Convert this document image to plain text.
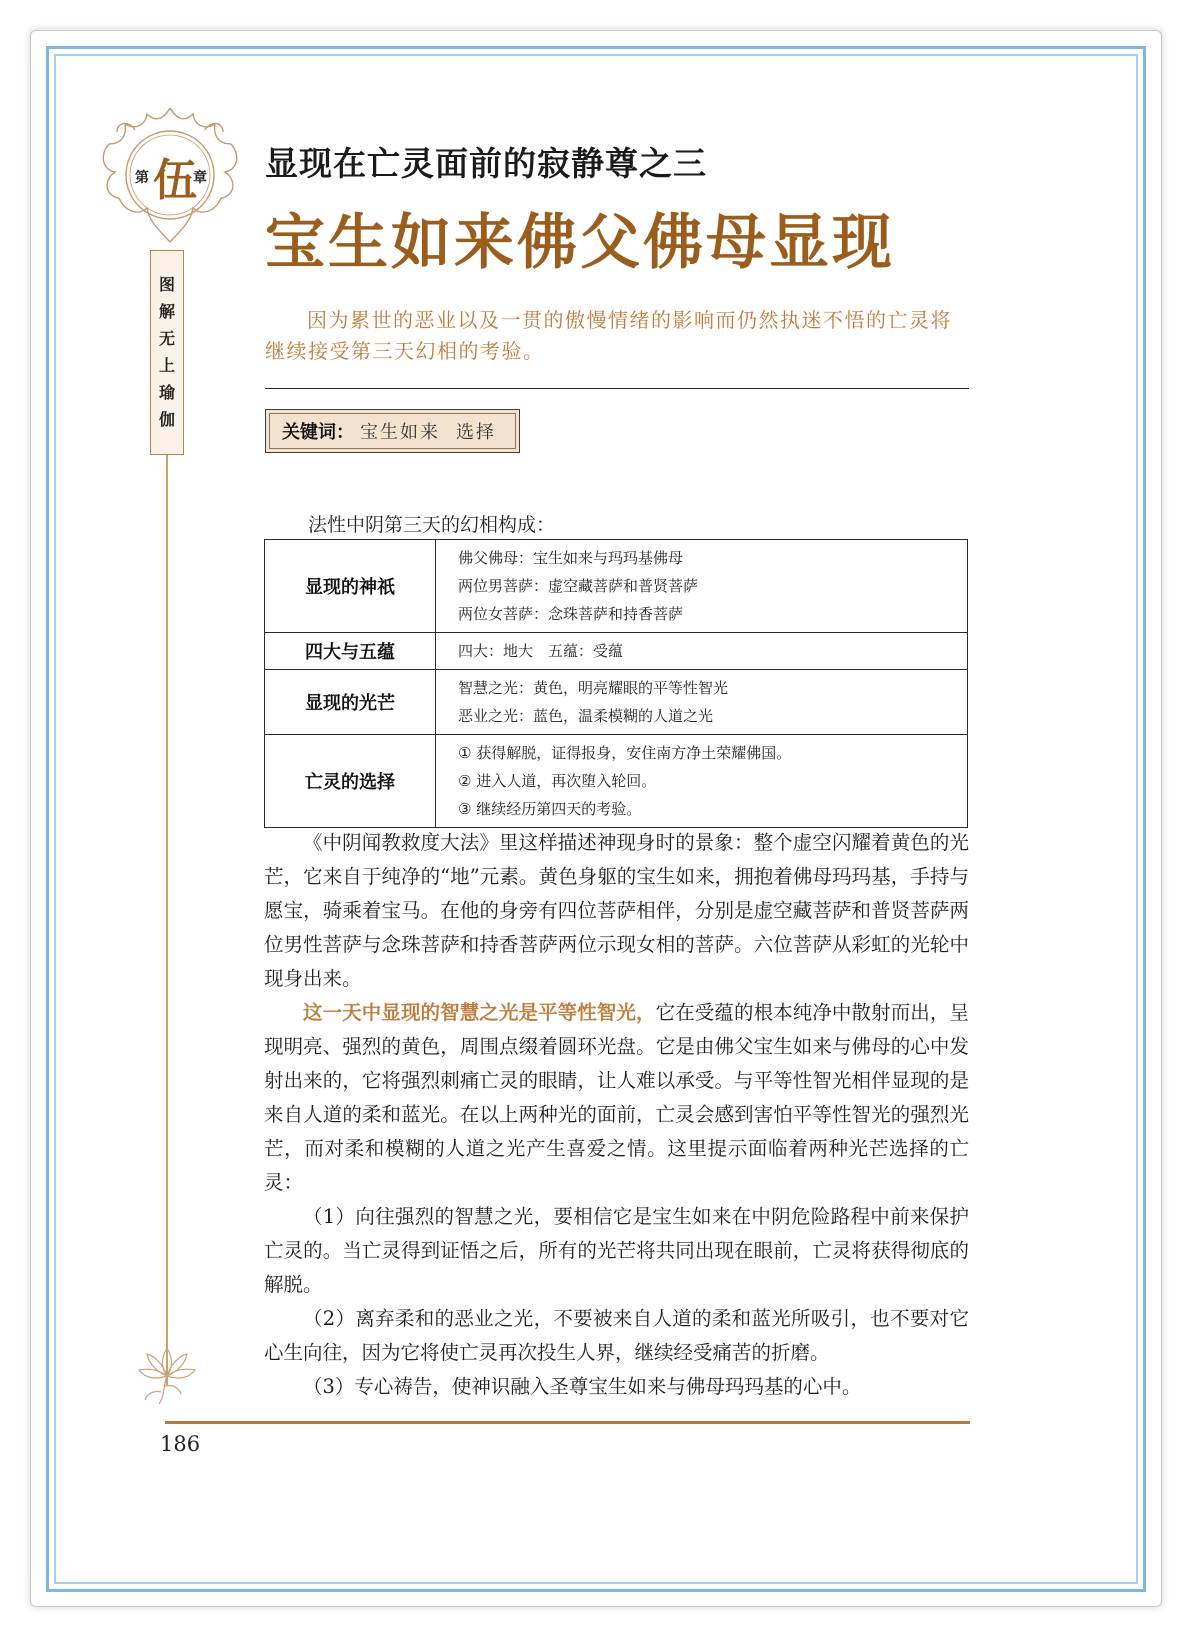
第 伍
章
图
解
无
上
瑜
伽
显现在亡灵面前的寂静尊之三
宝生如来佛父佛母显现
因为累世的恶业以及一贯的傲慢情绪的影响而仍然执迷不悟的亡灵将继续接受第三天幻相的考验。
关键词： 宝生如来 选择
法性中阴第三天的幻相构成：
显现的神祇	佛父佛母：宝生如来与玛玛基佛母
两位男菩萨：虚空藏菩萨和普贤菩萨
两位女菩萨：念珠菩萨和持香菩萨

四大与五蕴	四大：地大　五蕴：受蕴

显现的光芒	智慧之光：黄色，明亮耀眼的平等性智光
恶业之光：蓝色，温柔模糊的人道之光

亡灵的选择	① 获得解脱，证得报身，安住南方净土荣耀佛国。
② 进入人道，再次堕入轮回。
③ 继续经历第四天的考验。

《中阴闻教救度大法》里这样描述神现身时的景象：整个虚空闪耀着黄色的光芒，它来自于纯净的“地”元素。黄色身躯的宝生如来，拥抱着佛母玛玛基，手持与愿宝，骑乘着宝马。在他的身旁有四位菩萨相伴，分别是虚空藏菩萨和普贤菩萨两位男性菩萨与念珠菩萨和持香菩萨两位示现女相的菩萨。六位菩萨从彩虹的光轮中现身出来。

这一天中显现的智慧之光是平等性智光，它在受蕴的根本纯净中散射而出，呈现明亮、强烈的黄色，周围点缀着圆环光盘。它是由佛父宝生如来与佛母的心中发射出来的，它将强烈刺痛亡灵的眼睛，让人难以承受。与平等性智光相伴显现的是来自人道的柔和蓝光。在以上两种光的面前，亡灵会感到害怕平等性智光的强烈光芒，而对柔和模糊的人道之光产生喜爱之情。这里提示面临着两种光芒选择的亡灵：

（1）向往强烈的智慧之光，要相信它是宝生如来在中阴危险路程中前来保护亡灵的。当亡灵得到证悟之后，所有的光芒将共同出现在眼前，亡灵将获得彻底的解脱。

（2）离弃柔和的恶业之光，不要被来自人道的柔和蓝光所吸引，也不要对它心生向往，因为它将使亡灵再次投生人界，继续经受痛苦的折磨。

（3）专心祷告，使神识融入圣尊宝生如来与佛母玛玛基的心中。

186
